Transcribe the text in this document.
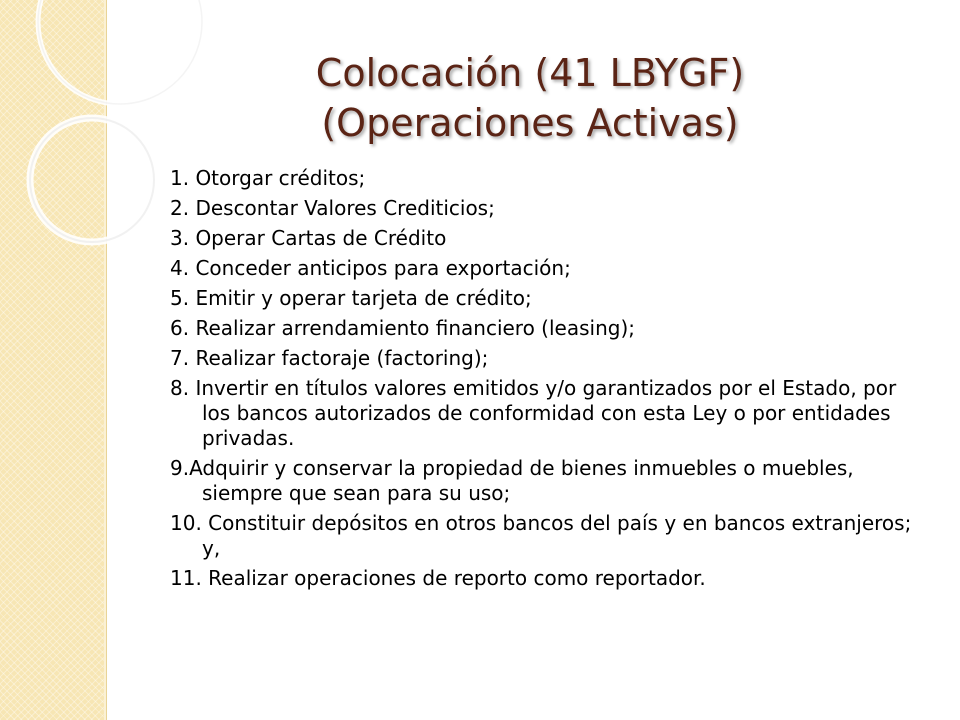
Colocación (41 LBYGF)
(Operaciones Activas)
1. Otorgar créditos;
2. Descontar Valores Crediticios;
3. Operar Cartas de Crédito
4. Conceder anticipos para exportación;
5. Emitir y operar tarjeta de crédito;
6. Realizar arrendamiento financiero (leasing);
7. Realizar factoraje (factoring);
8. Invertir en títulos valores emitidos y/o garantizados por el Estado, por los bancos autorizados de conformidad con esta Ley o por entidades privadas.
9.Adquirir y conservar la propiedad de bienes inmuebles o muebles, siempre que sean para su uso;
10. Constituir depósitos en otros bancos del país y en bancos extranjeros; y,
11. Realizar operaciones de reporto como reportador.
